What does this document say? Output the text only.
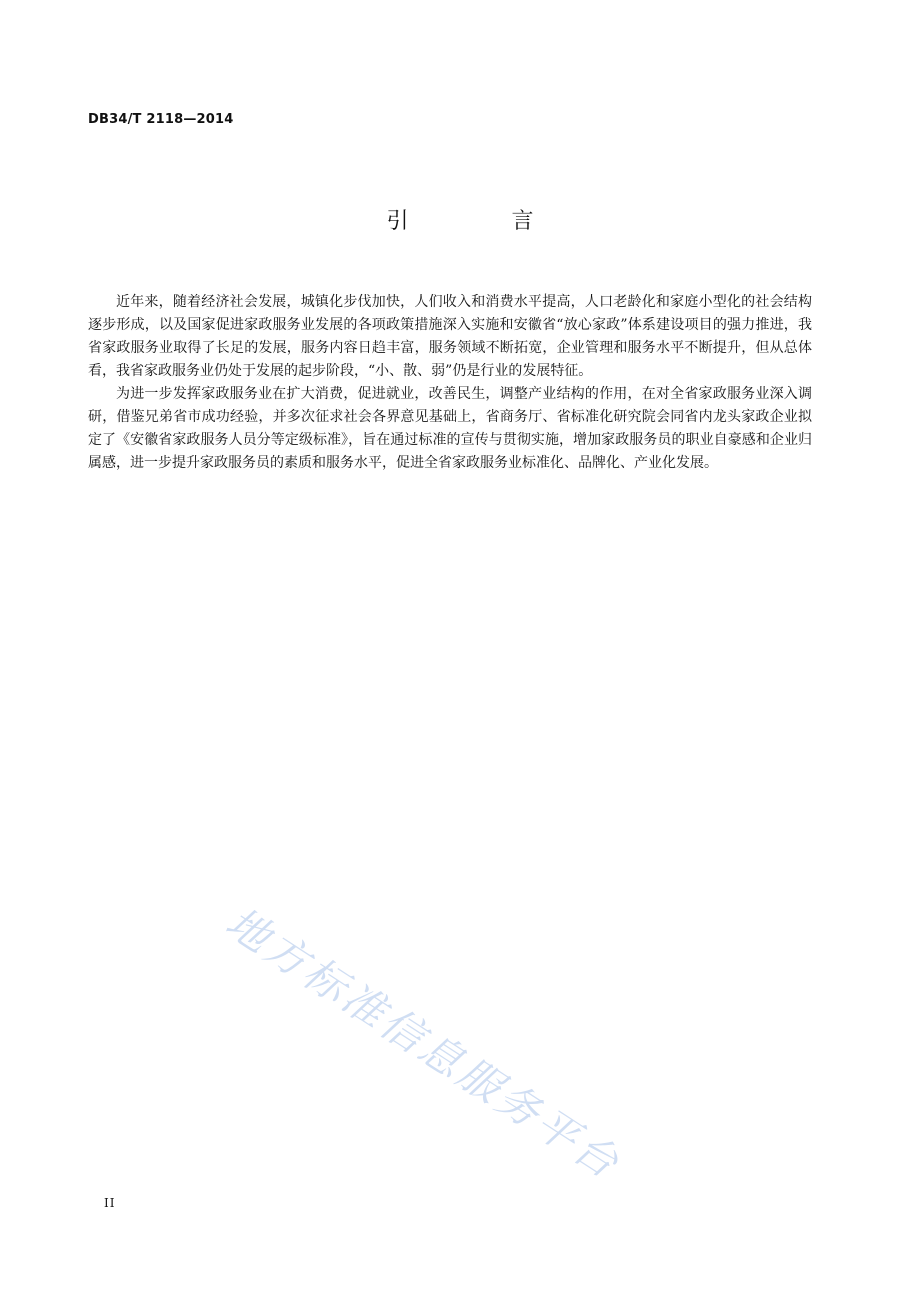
DB34/T 2118—2014
引 言

近年来，随着经济社会发展，城镇化步伐加快，人们收入和消费水平提高，人口老龄化和家庭小型化的社会结构逐步形成，以及国家促进家政服务业发展的各项政策措施深入实施和安徽省“放心家政”体系建设项目的强力推进，我省家政服务业取得了长足的发展，服务内容日趋丰富，服务领域不断拓宽，企业管理和服务水平不断提升，但从总体看，我省家政服务业仍处于发展的起步阶段，“小、散、弱”仍是行业的发展特征。

为进一步发挥家政服务业在扩大消费，促进就业，改善民生，调整产业结构的作用，在对全省家政服务业深入调研，借鉴兄弟省市成功经验，并多次征求社会各界意见基础上，省商务厅、省标准化研究院会同省内龙头家政企业拟定了《安徽省家政服务人员分等定级标准》，旨在通过标准的宣传与贯彻实施，增加家政服务员的职业自豪感和企业归属感，进一步提升家政服务员的素质和服务水平，促进全省家政服务业标准化、品牌化、产业化发展。

地方标准信息服务平台
II
